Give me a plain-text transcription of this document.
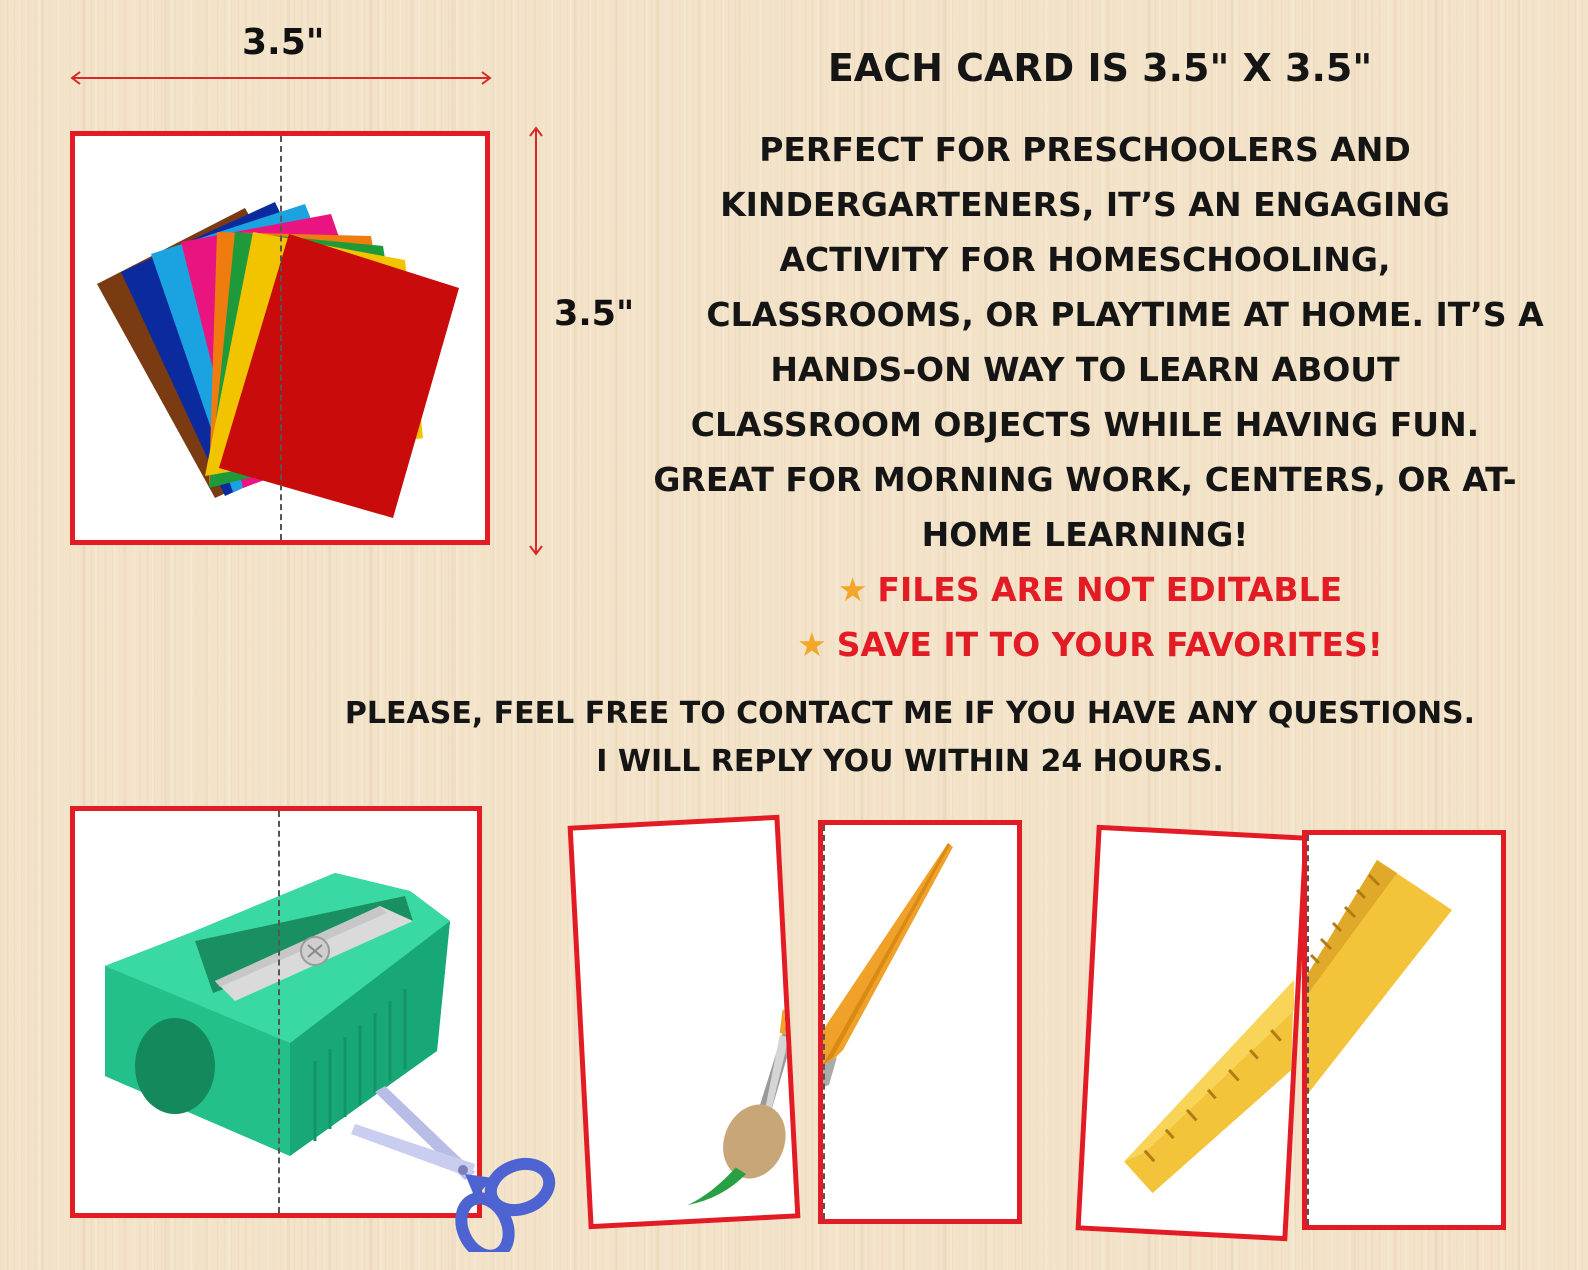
3.5"
3.5"
EACH CARD IS 3.5" X 3.5"
PERFECT FOR PRESCHOOLERS AND
KINDERGARTENERS, IT’S AN ENGAGING
ACTIVITY FOR HOMESCHOOLING,
CLASSROOMS, OR PLAYTIME AT HOME. IT’S A
HANDS-ON WAY TO LEARN ABOUT
CLASSROOM OBJECTS WHILE HAVING FUN.
GREAT FOR MORNING WORK, CENTERS, OR AT-
HOME LEARNING!
★ FILES ARE NOT EDITABLE
★ SAVE IT TO YOUR FAVORITES!
PLEASE, FEEL FREE TO CONTACT ME IF YOU HAVE ANY QUESTIONS.
I WILL REPLY YOU WITHIN 24 HOURS.
